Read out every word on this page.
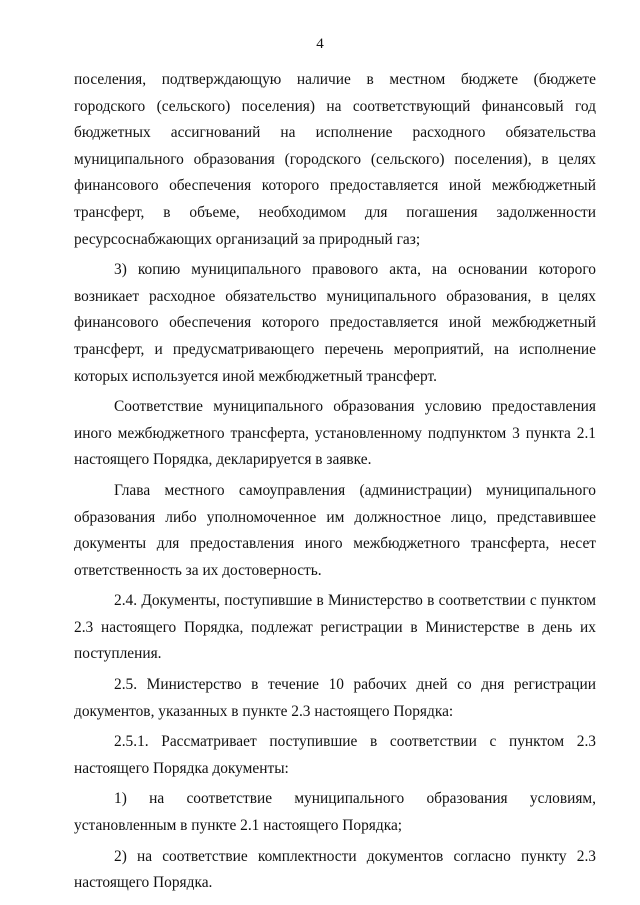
4

поселения, подтверждающую наличие в местном бюджете (бюджете городского (сельского) поселения) на соответствующий финансовый год бюджетных ассигнований на исполнение расходного обязательства муниципального образования (городского (сельского) поселения), в целях финансового обеспечения которого предоставляется иной межбюджетный трансферт, в объеме, необходимом для погашения задолженности ресурсоснабжающих организаций за природный газ;

3) копию муниципального правового акта, на основании которого возникает расходное обязательство муниципального образования, в целях финансового обеспечения которого предоставляется иной межбюджетный трансферт, и предусматривающего перечень мероприятий, на исполнение которых используется иной межбюджетный трансферт.

Соответствие муниципального образования условию предоставления иного межбюджетного трансферта, установленному подпунктом 3 пункта 2.1 настоящего Порядка, декларируется в заявке.

Глава местного самоуправления (администрации) муниципального образования либо уполномоченное им должностное лицо, представившее документы для предоставления иного межбюджетного трансферта, несет ответственность за их достоверность.

2.4. Документы, поступившие в Министерство в соответствии с пунктом 2.3 настоящего Порядка, подлежат регистрации в Министерстве в день их поступления.

2.5. Министерство в течение 10 рабочих дней со дня регистрации документов, указанных в пункте 2.3 настоящего Порядка:

2.5.1. Рассматривает поступившие в соответствии с пунктом 2.3 настоящего Порядка документы:

1) на соответствие муниципального образования условиям, установленным в пункте 2.1 настоящего Порядка;

2) на соответствие комплектности документов согласно пункту 2.3 настоящего Порядка.
